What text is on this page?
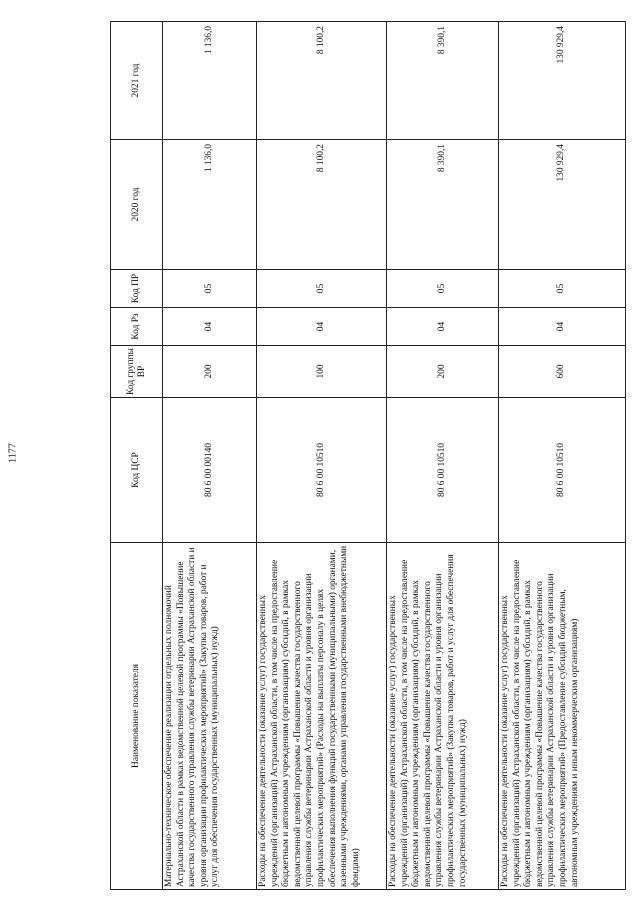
1177
Наименование показателя	Код ЦСР	Код группы ВР	Код Рз	Код ПР	2020 год	2021 год
Материально-техническое обеспечение реализации отдельных полномочий Астраханской области в рамках ведомственной целевой программы «Повышение качества государственного управления службы ветеринарии Астраханской области и уровня организации профилактических мероприятий» (Закупка товаров, работ и услуг для обеспечения государственных (муниципальных) нужд)	80 6 00 00140	200	04	05	1 136,0	1 136,0
Расходы на обеспечение деятельности (оказание услуг) государственных учреждений (организаций) Астраханской области, в том числе на предоставление бюджетным и автономным учреждениям (организациям) субсидий, в рамках ведомственной целевой программы «Повышение качества государственного управления службы ветеринарии Астраханской области и уровня организации профилактических мероприятий» (Расходы на выплаты персоналу в целях обеспечения выполнения функций государственными (муниципальными) органами, казенными учреждениями, органами управления государственными внебюджетными фондами)	80 6 00 10510	100	04	05	8 100,2	8 100,2
Расходы на обеспечение деятельности (оказание услуг) государственных учреждений (организаций) Астраханской области, в том числе на предоставление бюджетным и автономным учреждениям (организациям) субсидий, в рамках ведомственной целевой программы «Повышение качества государственного управления службы ветеринарии Астраханской области и уровня организации профилактических мероприятий» (Закупка товаров, работ и услуг для обеспечения государственных (муниципальных) нужд)	80 6 00 10510	200	04	05	8 390,1	8 390,1
Расходы на обеспечение деятельности (оказание услуг) государственных учреждений (организаций) Астраханской области, в том числе на предоставление бюджетным и автономным учреждениям (организациям) субсидий, в рамках ведомственной целевой программы «Повышение качества государственного управления службы ветеринарии Астраханской области и уровня организации профилактических мероприятий» (Предоставление субсидий бюджетным, автономным учреждениям и иным некоммерческим организациям)	80 6 00 10510	600	04	05	130 929,4	130 929,4
